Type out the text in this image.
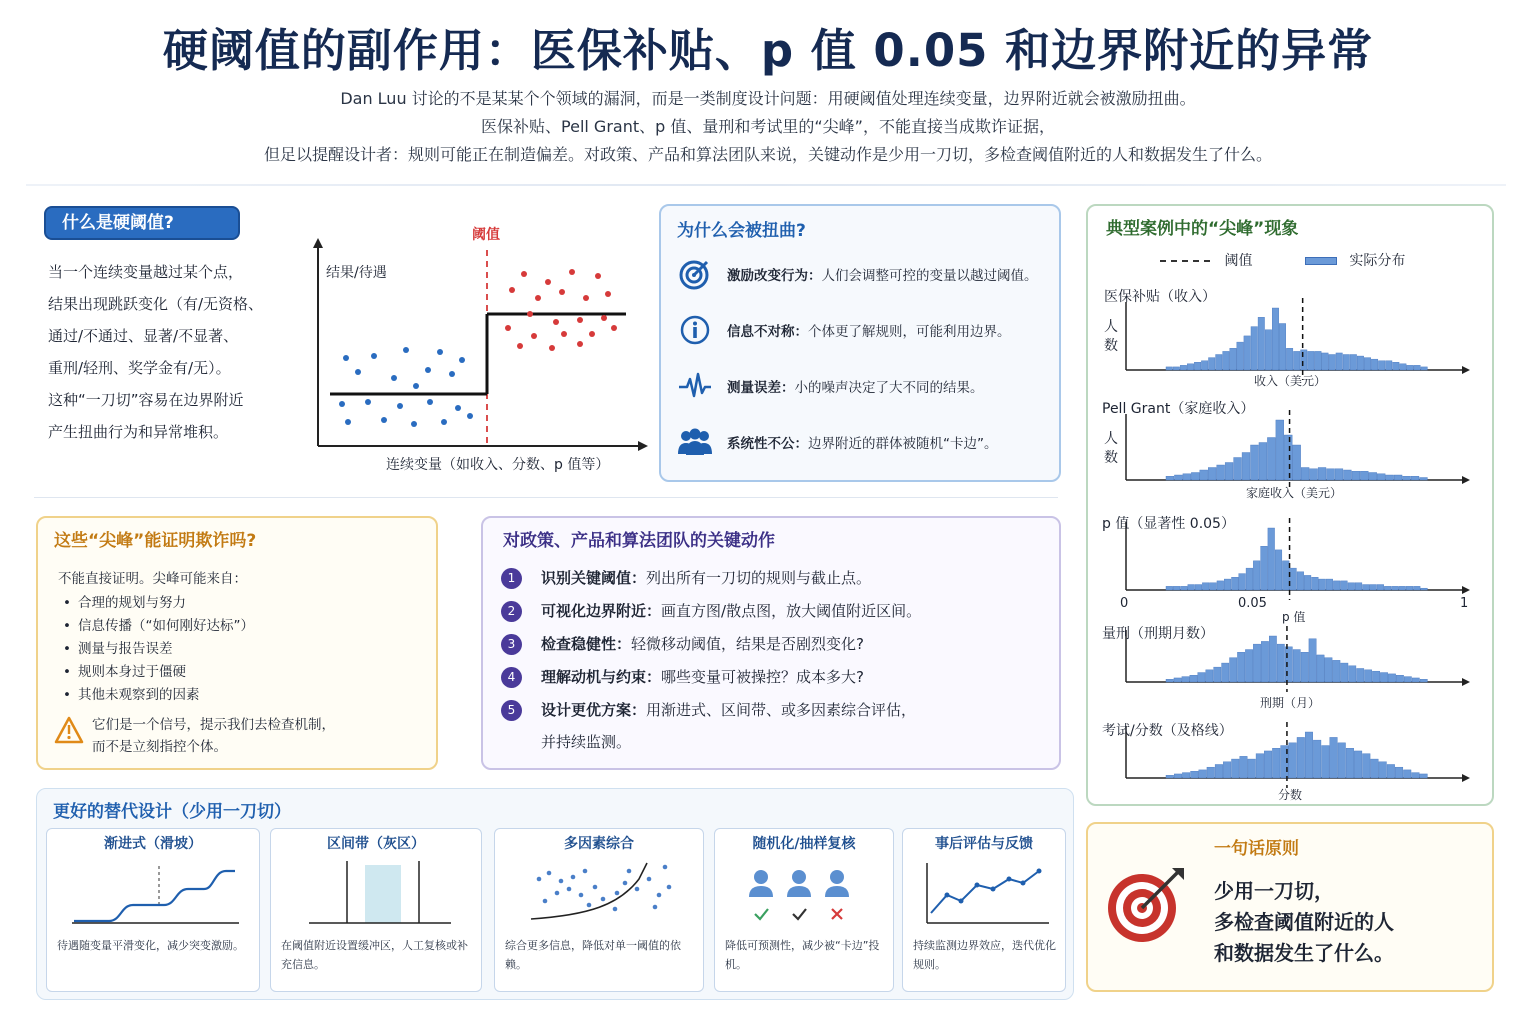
硬阈值的副作用：医保补贴、p 值 0.05 和边界附近的异常
Dan Luu 讨论的不是某某个个领域的漏洞，而是一类制度设计问题：用硬阈值处理连续变量，边界附近就会被激励扭曲。
医保补贴、Pell Grant、p 值、量刑和考试里的“尖峰”，不能直接当成欺诈证据，
但足以提醒设计者：规则可能正在制造偏差。对政策、产品和算法团队来说，关键动作是少用一刀切，多检查阈值附近的人和数据发生了什么。
什么是硬阈值?
当一个连续变量越过某个点，
结果出现跳跃变化（有/无资格、
通过/不通过、显著/不显著、
重刑/轻刑、奖学金有/无）。
这种“一刀切”容易在边界附近
产生扭曲行为和异常堆积。
阈值
结果/待遇
连续变量（如收入、分数、p 值等）
为什么会被扭曲?
激励改变行为：人们会调整可控的变量以越过阈值。
信息不对称：个体更了解规则，可能利用边界。
测量误差：小的噪声决定了大不同的结果。
系统性不公：边界附近的群体被随机“卡边”。
典型案例中的“尖峰”现象
阈值	实际分布
医保补贴（收入）
人数
收入（美元）
Pell Grant（家庭收入）
人数
家庭收入（美元）
p 值（显著性 0.05）
0	0.05	1
p 值
量刑（刑期月数）
刑期（月）
考试/分数（及格线）
分数
这些“尖峰”能证明欺诈吗?
不能直接证明。尖峰可能来自：
• 合理的规划与努力
• 信息传播（“如何刚好达标”）
• 测量与报告误差
• 规则本身过于僵硬
• 其他未观察到的因素
它们是一个信号，提示我们去检查机制，
而不是立刻指控个体。
对政策、产品和算法团队的关键动作
1	识别关键阈值：列出所有一刀切的规则与截止点。
2	可视化边界附近：画直方图/散点图，放大阈值附近区间。
3	检查稳健性：轻微移动阈值，结果是否剧烈变化?
4	理解动机与约束：哪些变量可被操控？成本多大?
5	设计更优方案：用渐进式、区间带、或多因素综合评估，
并持续监测。
更好的替代设计（少用一刀切）
渐进式（滑坡）
待遇随变量平滑变化，减少突变激励。
区间带（灰区）
在阈值附近设置缓冲区，人工复核或补充信息。
多因素综合
综合更多信息，降低对单一阈值的依赖。
随机化/抽样复核
降低可预测性，减少被“卡边”投机。
事后评估与反馈
持续监测边界效应，迭代优化规则。
一句话原则
少用一刀切，
多检查阈值附近的人
和数据发生了什么。
